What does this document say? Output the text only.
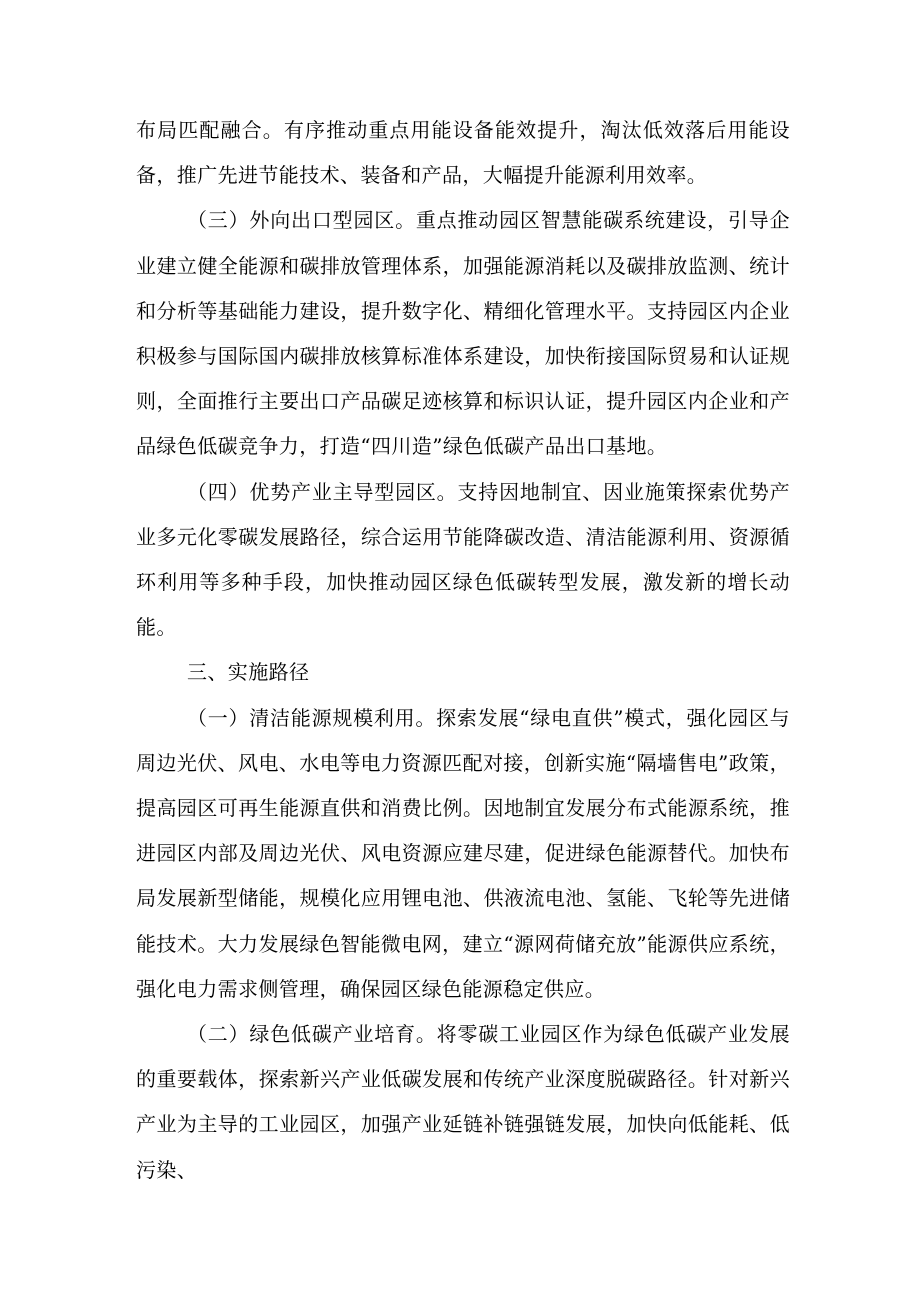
布局匹配融合。有序推动重点用能设备能效提升，淘汰低效落后用能设备，推广先进节能技术、装备和产品，大幅提升能源利用效率。

（三）外向出口型园区。重点推动园区智慧能碳系统建设，引导企业建立健全能源和碳排放管理体系，加强能源消耗以及碳排放监测、统计和分析等基础能力建设，提升数字化、精细化管理水平。支持园区内企业积极参与国际国内碳排放核算标准体系建设，加快衔接国际贸易和认证规则，全面推行主要出口产品碳足迹核算和标识认证，提升园区内企业和产品绿色低碳竞争力，打造“四川造”绿色低碳产品出口基地。

（四）优势产业主导型园区。支持因地制宜、因业施策探索优势产业多元化零碳发展路径，综合运用节能降碳改造、清洁能源利用、资源循环利用等多种手段，加快推动园区绿色低碳转型发展，激发新的增长动能。

三、实施路径

（一）清洁能源规模利用。探索发展“绿电直供”模式，强化园区与周边光伏、风电、水电等电力资源匹配对接，创新实施“隔墙售电”政策，提高园区可再生能源直供和消费比例。因地制宜发展分布式能源系统，推进园区内部及周边光伏、风电资源应建尽建，促进绿色能源替代。加快布局发展新型储能，规模化应用锂电池、供液流电池、氢能、飞轮等先进储能技术。大力发展绿色智能微电网，建立“源网荷储充放”能源供应系统，强化电力需求侧管理，确保园区绿色能源稳定供应。

（二）绿色低碳产业培育。将零碳工业园区作为绿色低碳产业发展的重要载体，探索新兴产业低碳发展和传统产业深度脱碳路径。针对新兴产业为主导的工业园区，加强产业延链补链强链发展，加快向低能耗、低污染、
